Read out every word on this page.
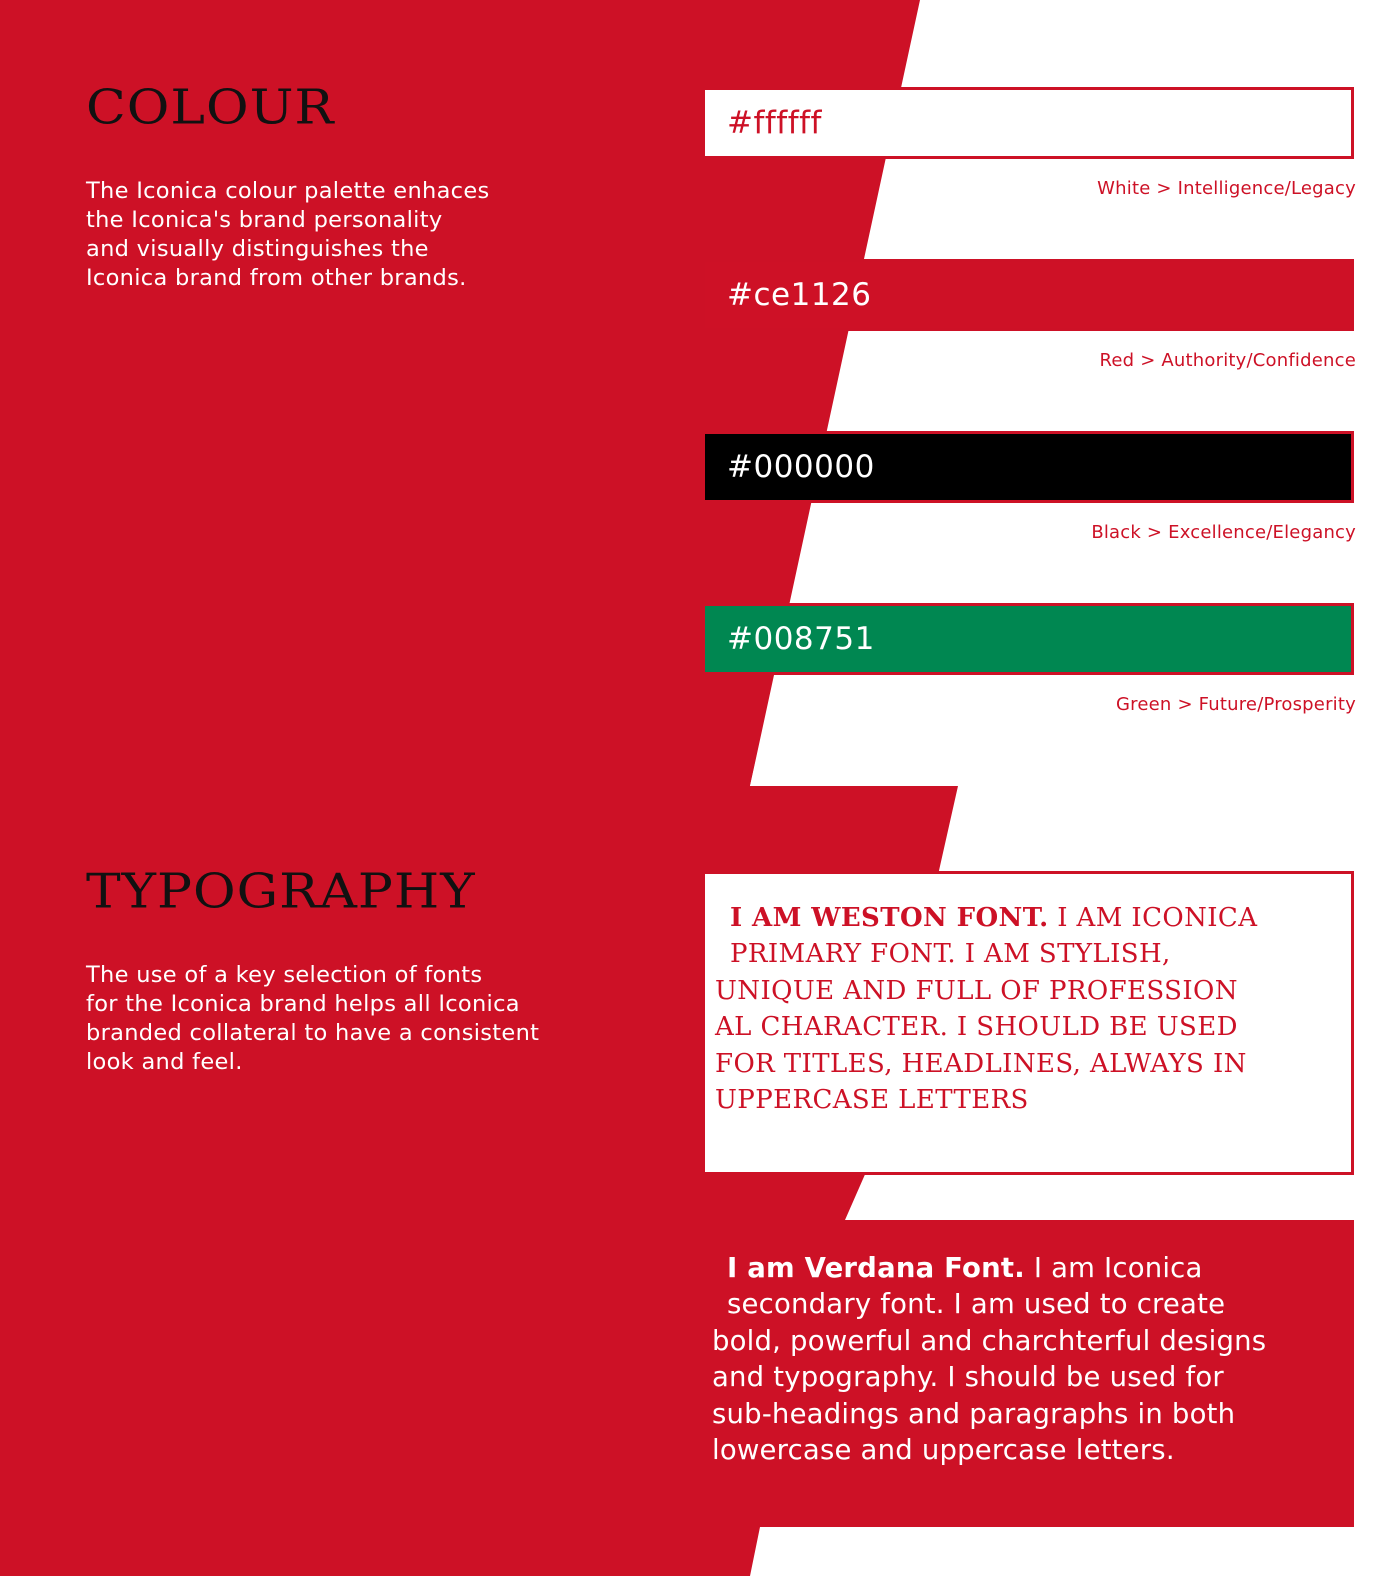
COLOUR
The Iconica colour palette enhaces
the Iconica's brand personality
and visually distinguishes the
Iconica brand from other brands.
#ffffff
White > Intelligence/Legacy
#ce1126
Red > Authority/Confidence
#000000
Black > Excellence/Elegancy
#008751
Green > Future/Prosperity
TYPOGRAPHY
The use of a key selection of fonts
for the Iconica brand helps all Iconica
branded collateral to have a consistent
look and feel.

I AM WESTON FONT. I AM ICONICA
PRIMARY FONT. I AM STYLISH,
UNIQUE AND FULL OF PROFESSION
AL CHARACTER. I SHOULD BE USED
FOR TITLES, HEADLINES, ALWAYS IN
UPPERCASE LETTERS

I am Verdana Font. I am Iconica
secondary font. I am used to create
bold, powerful and charchterful designs
and typography. I should be used for
sub-headings and paragraphs in both
lowercase and uppercase letters.
